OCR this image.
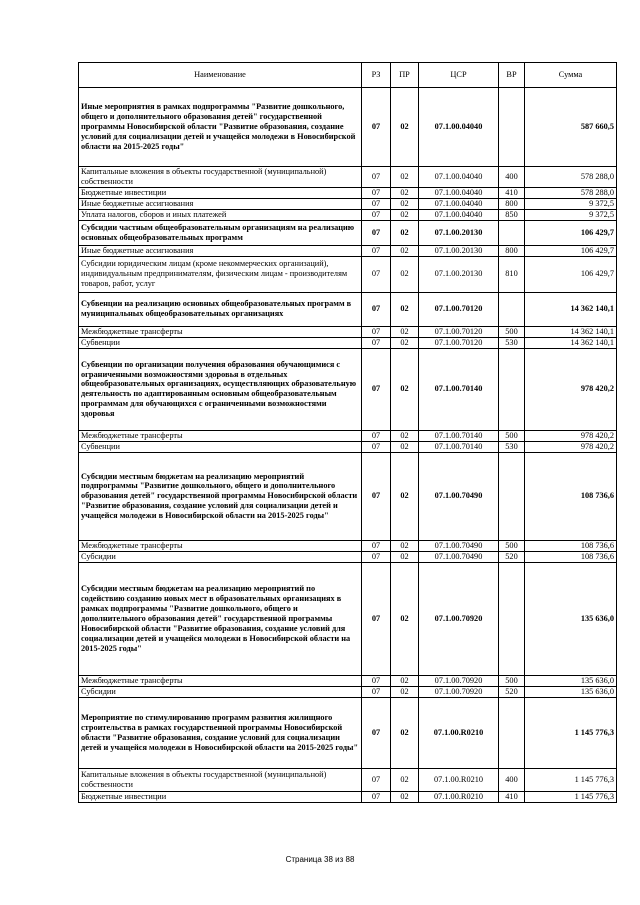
Наименование	РЗ	ПР	ЦСР	ВР	Сумма
Иные мероприятия в рамках подпрограммы "Развитие дошкольного, общего и дополнительного образования детей" государственной программы Новосибирской области "Развитие образования, создание условий для социализации детей и учащейся молодежи в Новосибирской области на 2015-2025 годы"	07	02	07.1.00.04040		587 660,5
Капитальные вложения в объекты государственной (муниципальной) собственности	07	02	07.1.00.04040	400	578 288,0
Бюджетные инвестиции	07	02	07.1.00.04040	410	578 288,0
Иные бюджетные ассигнования	07	02	07.1.00.04040	800	9 372,5
Уплата налогов, сборов и иных платежей	07	02	07.1.00.04040	850	9 372,5
Субсидии частным общеобразовательным организациям на реализацию основных общеобразовательных программ	07	02	07.1.00.20130		106 429,7
Иные бюджетные ассигнования	07	02	07.1.00.20130	800	106 429,7
Субсидии юридическим лицам (кроме некоммерческих организаций), индивидуальным предпринимателям, физическим лицам - производителям товаров, работ, услуг	07	02	07.1.00.20130	810	106 429,7
Субвенции на реализацию основных общеобразовательных программ в муниципальных общеобразовательных организациях	07	02	07.1.00.70120		14 362 140,1
Межбюджетные трансферты	07	02	07.1.00.70120	500	14 362 140,1
Субвенции	07	02	07.1.00.70120	530	14 362 140,1
Субвенции по организации получения образования обучающимися с ограниченными возможностями здоровья в отдельных общеобразовательных организациях, осуществляющих образовательную деятельность по адаптированным основным общеобразовательным программам для обучающихся с ограниченными возможностями здоровья	07	02	07.1.00.70140		978 420,2
Межбюджетные трансферты	07	02	07.1.00.70140	500	978 420,2
Субвенции	07	02	07.1.00.70140	530	978 420,2
Субсидии местным бюджетам на реализацию мероприятий подпрограммы "Развитие дошкольного, общего и дополнительного образования детей" государственной программы Новосибирской области "Развитие образования, создание условий для социализации детей и учащейся молодежи в Новосибирской области на 2015-2025 годы"	07	02	07.1.00.70490		108 736,6
Межбюджетные трансферты	07	02	07.1.00.70490	500	108 736,6
Субсидии	07	02	07.1.00.70490	520	108 736,6
Субсидии местным бюджетам на реализацию мероприятий по содействию созданию новых мест в образовательных организациях в рамках подпрограммы "Развитие дошкольного, общего и дополнительного образования детей" государственной программы Новосибирской области "Развитие образования, создание условий для социализации детей и учащейся молодежи в Новосибирской области на 2015-2025 годы"	07	02	07.1.00.70920		135 636,0
Межбюджетные трансферты	07	02	07.1.00.70920	500	135 636,0
Субсидии	07	02	07.1.00.70920	520	135 636,0
Мероприятие по стимулированию программ развития жилищного строительства в рамках государственной программы Новосибирской области "Развитие образования, создание условий для социализации детей и учащейся молодежи в Новосибирской области на 2015-2025 годы"	07	02	07.1.00.R0210		1 145 776,3
Капитальные вложения в объекты государственной (муниципальной) собственности	07	02	07.1.00.R0210	400	1 145 776,3
Бюджетные инвестиции	07	02	07.1.00.R0210	410	1 145 776,3
Страница 38 из 88
